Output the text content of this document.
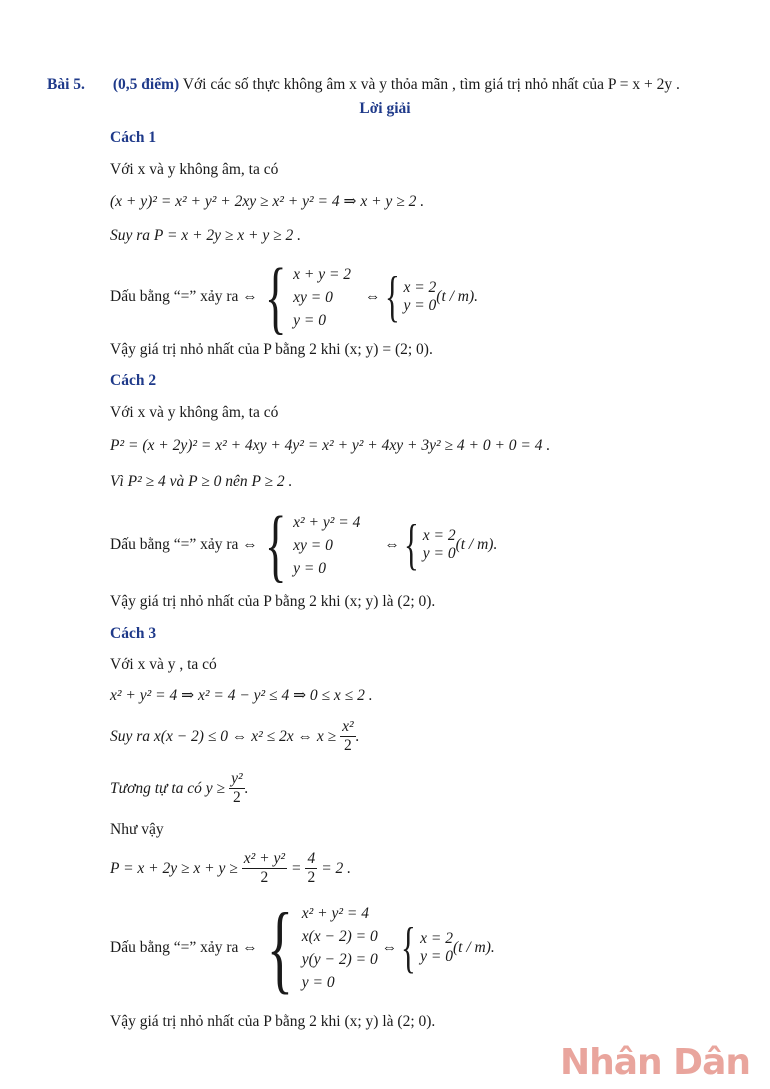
Bài 5. (0,5 điểm) Với các số thực không âm x và y thỏa mãn , tìm giá trị nhỏ nhất của P = x + 2y .
Lời giải
Cách 1
Với x và y không âm, ta có
(x + y)² = x² + y² + 2xy ≥ x² + y² = 4 ⇒ x + y ≥ 2 .
Suy ra P = x + 2y ≥ x + y ≥ 2 .
Dấu bằng “=” xảy ra ⇔ { x + y = 2
xy = 0
y = 0
⇔ { x = 2
y = 0
(t / m).
Vậy giá trị nhỏ nhất của P bằng 2 khi (x; y) = (2; 0).
Cách 2
Với x và y không âm, ta có
P² = (x + 2y)² = x² + 4xy + 4y² = x² + y² + 4xy + 3y² ≥ 4 + 0 + 0 = 4 .
Vì P² ≥ 4 và P ≥ 0 nên P ≥ 2 .
Dấu bằng “=” xảy ra ⇔ { x² + y² = 4
xy = 0
y = 0
⇔ { x = 2
y = 0
(t / m).
Vậy giá trị nhỏ nhất của P bằng 2 khi (x; y) là (2; 0).
Cách 3
Với x và y , ta có
x² + y² = 4 ⇒ x² = 4 − y² ≤ 4 ⇒ 0 ≤ x ≤ 2 .
Suy ra x(x − 2) ≤ 0 ⇔ x² ≤ 2x ⇔ $x \ge \frac{\text{x²}}{2}$ .
Tương tự ta có $y \ge \frac{\text{y²}}{2}$ .
Như vậy
$P = x + 2y \ge x + y \ge \frac{\text{x² + y²}}{2} = \frac{4}{2} = 2$ .
Dấu bằng “=” xảy ra ⇔ { x² + y² = 4
x(x − 2) = 0
y(y − 2) = 0
y = 0
⇔ { x = 2
y = 0
(t / m).
Vậy giá trị nhỏ nhất của P bằng 2 khi (x; y) là (2; 0).
Nhân Dân
